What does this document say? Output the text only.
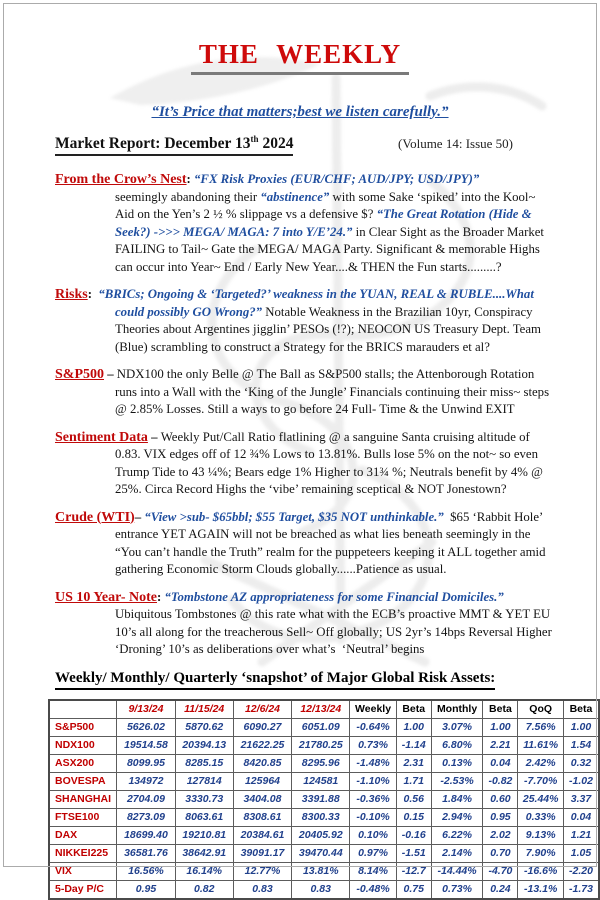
THE WEEKLY
“It’s Price that matters;best we listen carefully.”
Market Report: December 13th 2024	(Volume 14: Issue 50)
From the Crow’s Nest: “FX Risk Proxies (EUR/CHF; AUD/JPY; USD/JPY)”
seemingly abandoning their “abstinence” with some Sake ‘spiked’ into the Kool~ Aid on the Yen’s 2 ½ % slippage vs a defensive $? “The Great Rotation (Hide & Seek?) ->>> MEGA/ MAGA: 7 into Y/E’24.” in Clear Sight as the Broader Market FAILING to Tail~ Gate the MEGA/ MAGA Party. Significant & memorable Highs can occur into Year~ End / Early New Year....& THEN the Fun starts.........?
Risks:  “BRICs; Ongoing & ‘Targeted?’ weakness in the YUAN, REAL & RUBLE....What could possibly GO Wrong?” Notable Weakness in the Brazilian 10yr, Conspiracy Theories about Argentines jigglin’ PESOs (!?); NEOCON US Treasury Dept. Team (Blue) scrambling to construct a Strategy for the BRICS marauders et al?
S&P500 – NDX100 the only Belle @ The Ball as S&P500 stalls; the Attenborough Rotation runs into a Wall with the ‘King of the Jungle’ Financials continuing their miss~ steps @ 2.85% Losses. Still a ways to go before 24 Full- Time & the Unwind EXIT
Sentiment Data – Weekly Put/Call Ratio flatlining @ a sanguine Santa cruising altitude of 0.83. VIX edges off of 12 ¾% Lows to 13.81%. Bulls lose 5% on the not~ so even Trump Tide to 43 ¼%; Bears edge 1% Higher to 31¾ %; Neutrals benefit by 4% @ 25%. Circa Record Highs the ‘vibe’ remaining sceptical & NOT Jonestown?
Crude (WTI)– “View >sub- $65bbl; $55 Target, $35 NOT unthinkable.”  $65 ‘Rabbit Hole’ entrance YET AGAIN will not be breached as what lies beneath seemingly in the “You can’t handle the Truth” realm for the puppeteers keeping it ALL together amid gathering Economic Storm Clouds globally......Patience as usual.
US 10 Year- Note: “Tombstone AZ appropriateness for some Financial Domiciles.”
Ubiquitous Tombstones @ this rate what with the ECB’s proactive MMT & YET EU 10’s all along for the treacherous Sell~ Off globally; US 2yr’s 14bps Reversal Higher ‘Droning’ 10’s as deliberations over what’s  ‘Neutral’ begins
Weekly/ Monthly/ Quarterly ‘snapshot’ of Major Global Risk Assets:
	9/13/24	11/15/24	12/6/24	12/13/24	Weekly	Beta	Monthly	Beta	QoQ	Beta
S&P500	5626.02	5870.62	6090.27	6051.09	-0.64%	1.00	3.07%	1.00	7.56%	1.00
NDX100	19514.58	20394.13	21622.25	21780.25	0.73%	-1.14	6.80%	2.21	11.61%	1.54
ASX200	8099.95	8285.15	8420.85	8295.96	-1.48%	2.31	0.13%	0.04	2.42%	0.32
BOVESPA	134972	127814	125964	124581	-1.10%	1.71	-2.53%	-0.82	-7.70%	-1.02
SHANGHAI	2704.09	3330.73	3404.08	3391.88	-0.36%	0.56	1.84%	0.60	25.44%	3.37
FTSE100	8273.09	8063.61	8308.61	8300.33	-0.10%	0.15	2.94%	0.95	0.33%	0.04
DAX	18699.40	19210.81	20384.61	20405.92	0.10%	-0.16	6.22%	2.02	9.13%	1.21
NIKKEI225	36581.76	38642.91	39091.17	39470.44	0.97%	-1.51	2.14%	0.70	7.90%	1.05
VIX	16.56%	16.14%	12.77%	13.81%	8.14%	-12.7	-14.44%	-4.70	-16.6%	-2.20
5-Day P/C	0.95	0.82	0.83	0.83	-0.48%	0.75	0.73%	0.24	-13.1%	-1.73
